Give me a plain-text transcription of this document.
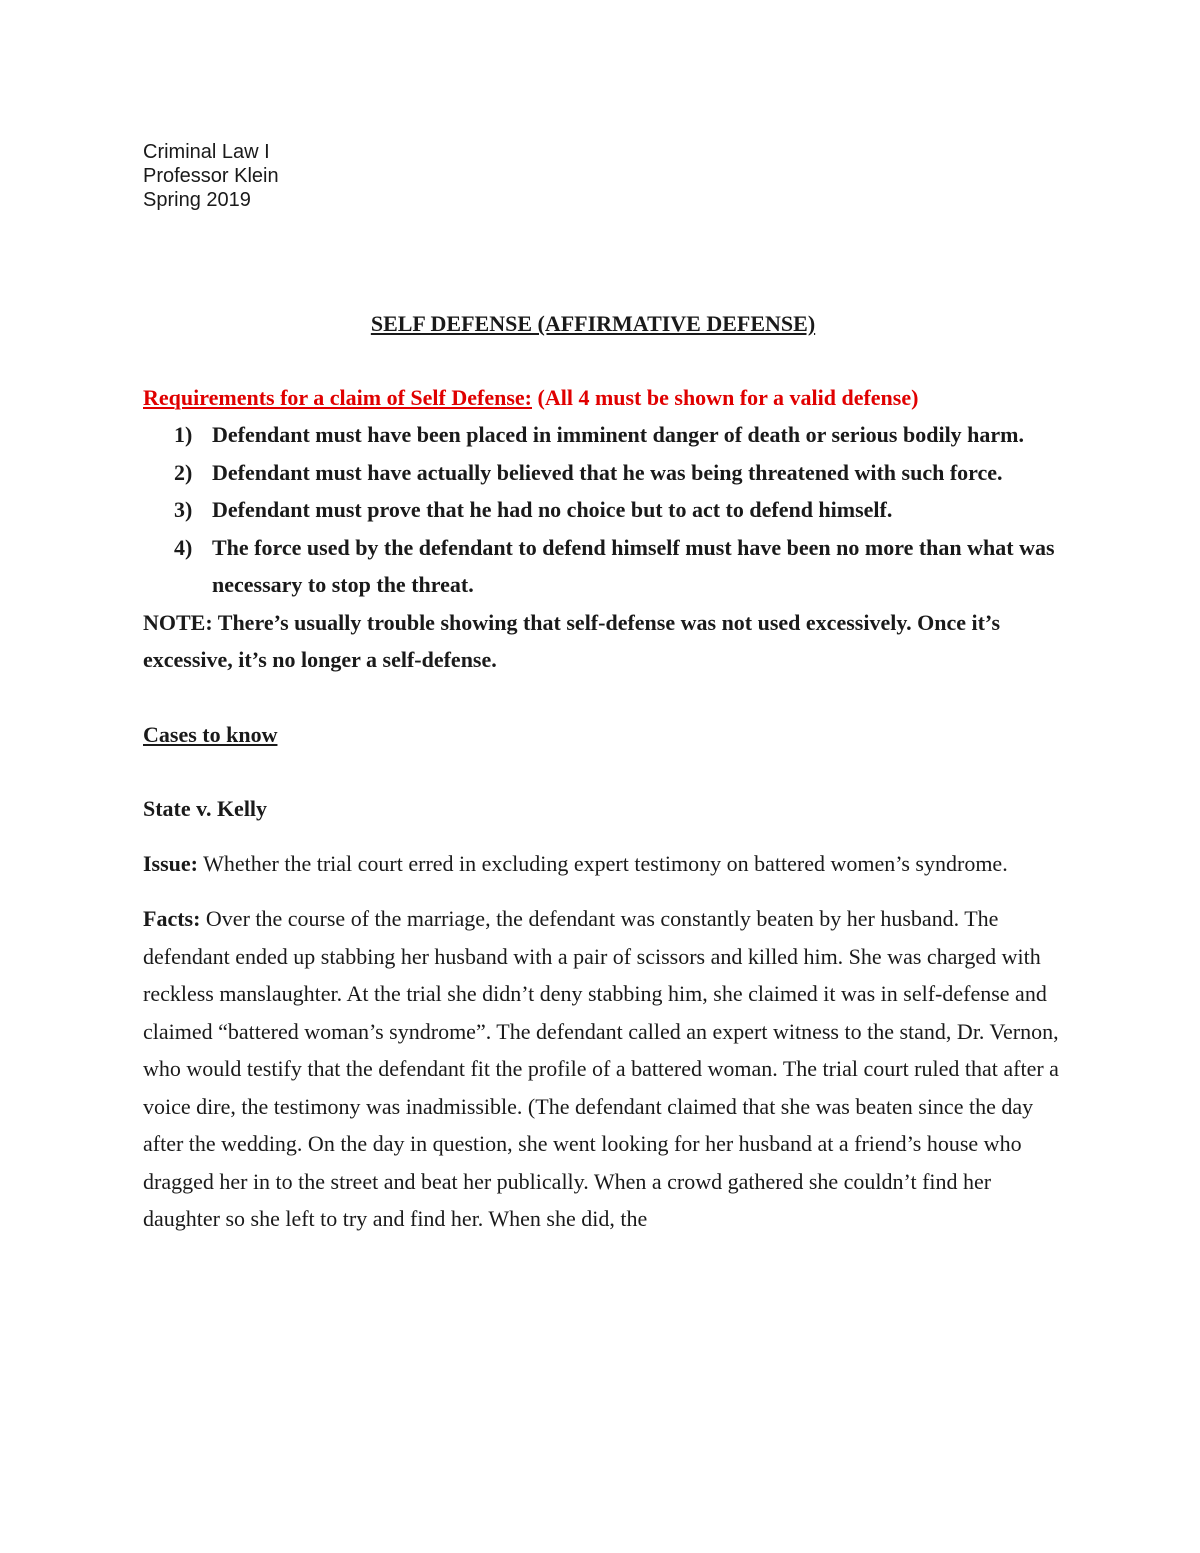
Criminal Law I
Professor Klein
Spring 2019
SELF DEFENSE (AFFIRMATIVE DEFENSE)
Requirements for a claim of Self Defense: (All 4 must be shown for a valid defense)
1) Defendant must have been placed in imminent danger of death or serious bodily harm.
2) Defendant must have actually believed that he was being threatened with such force.
3) Defendant must prove that he had no choice but to act to defend himself.
4) The force used by the defendant to defend himself must have been no more than what was necessary to stop the threat.
NOTE: There’s usually trouble showing that self-defense was not used excessively. Once it’s excessive, it’s no longer a self-defense.
Cases to know
State v. Kelly
Issue: Whether the trial court erred in excluding expert testimony on battered women’s syndrome.
Facts: Over the course of the marriage, the defendant was constantly beaten by her husband. The defendant ended up stabbing her husband with a pair of scissors and killed him. She was charged with reckless manslaughter. At the trial she didn’t deny stabbing him, she claimed it was in self-defense and claimed “battered woman’s syndrome”. The defendant called an expert witness to the stand, Dr. Vernon, who would testify that the defendant fit the profile of a battered woman. The trial court ruled that after a voice dire, the testimony was inadmissible. (The defendant claimed that she was beaten since the day after the wedding. On the day in question, she went looking for her husband at a friend’s house who dragged her in to the street and beat her publically. When a crowd gathered she couldn’t find her daughter so she left to try and find her. When she did, the
